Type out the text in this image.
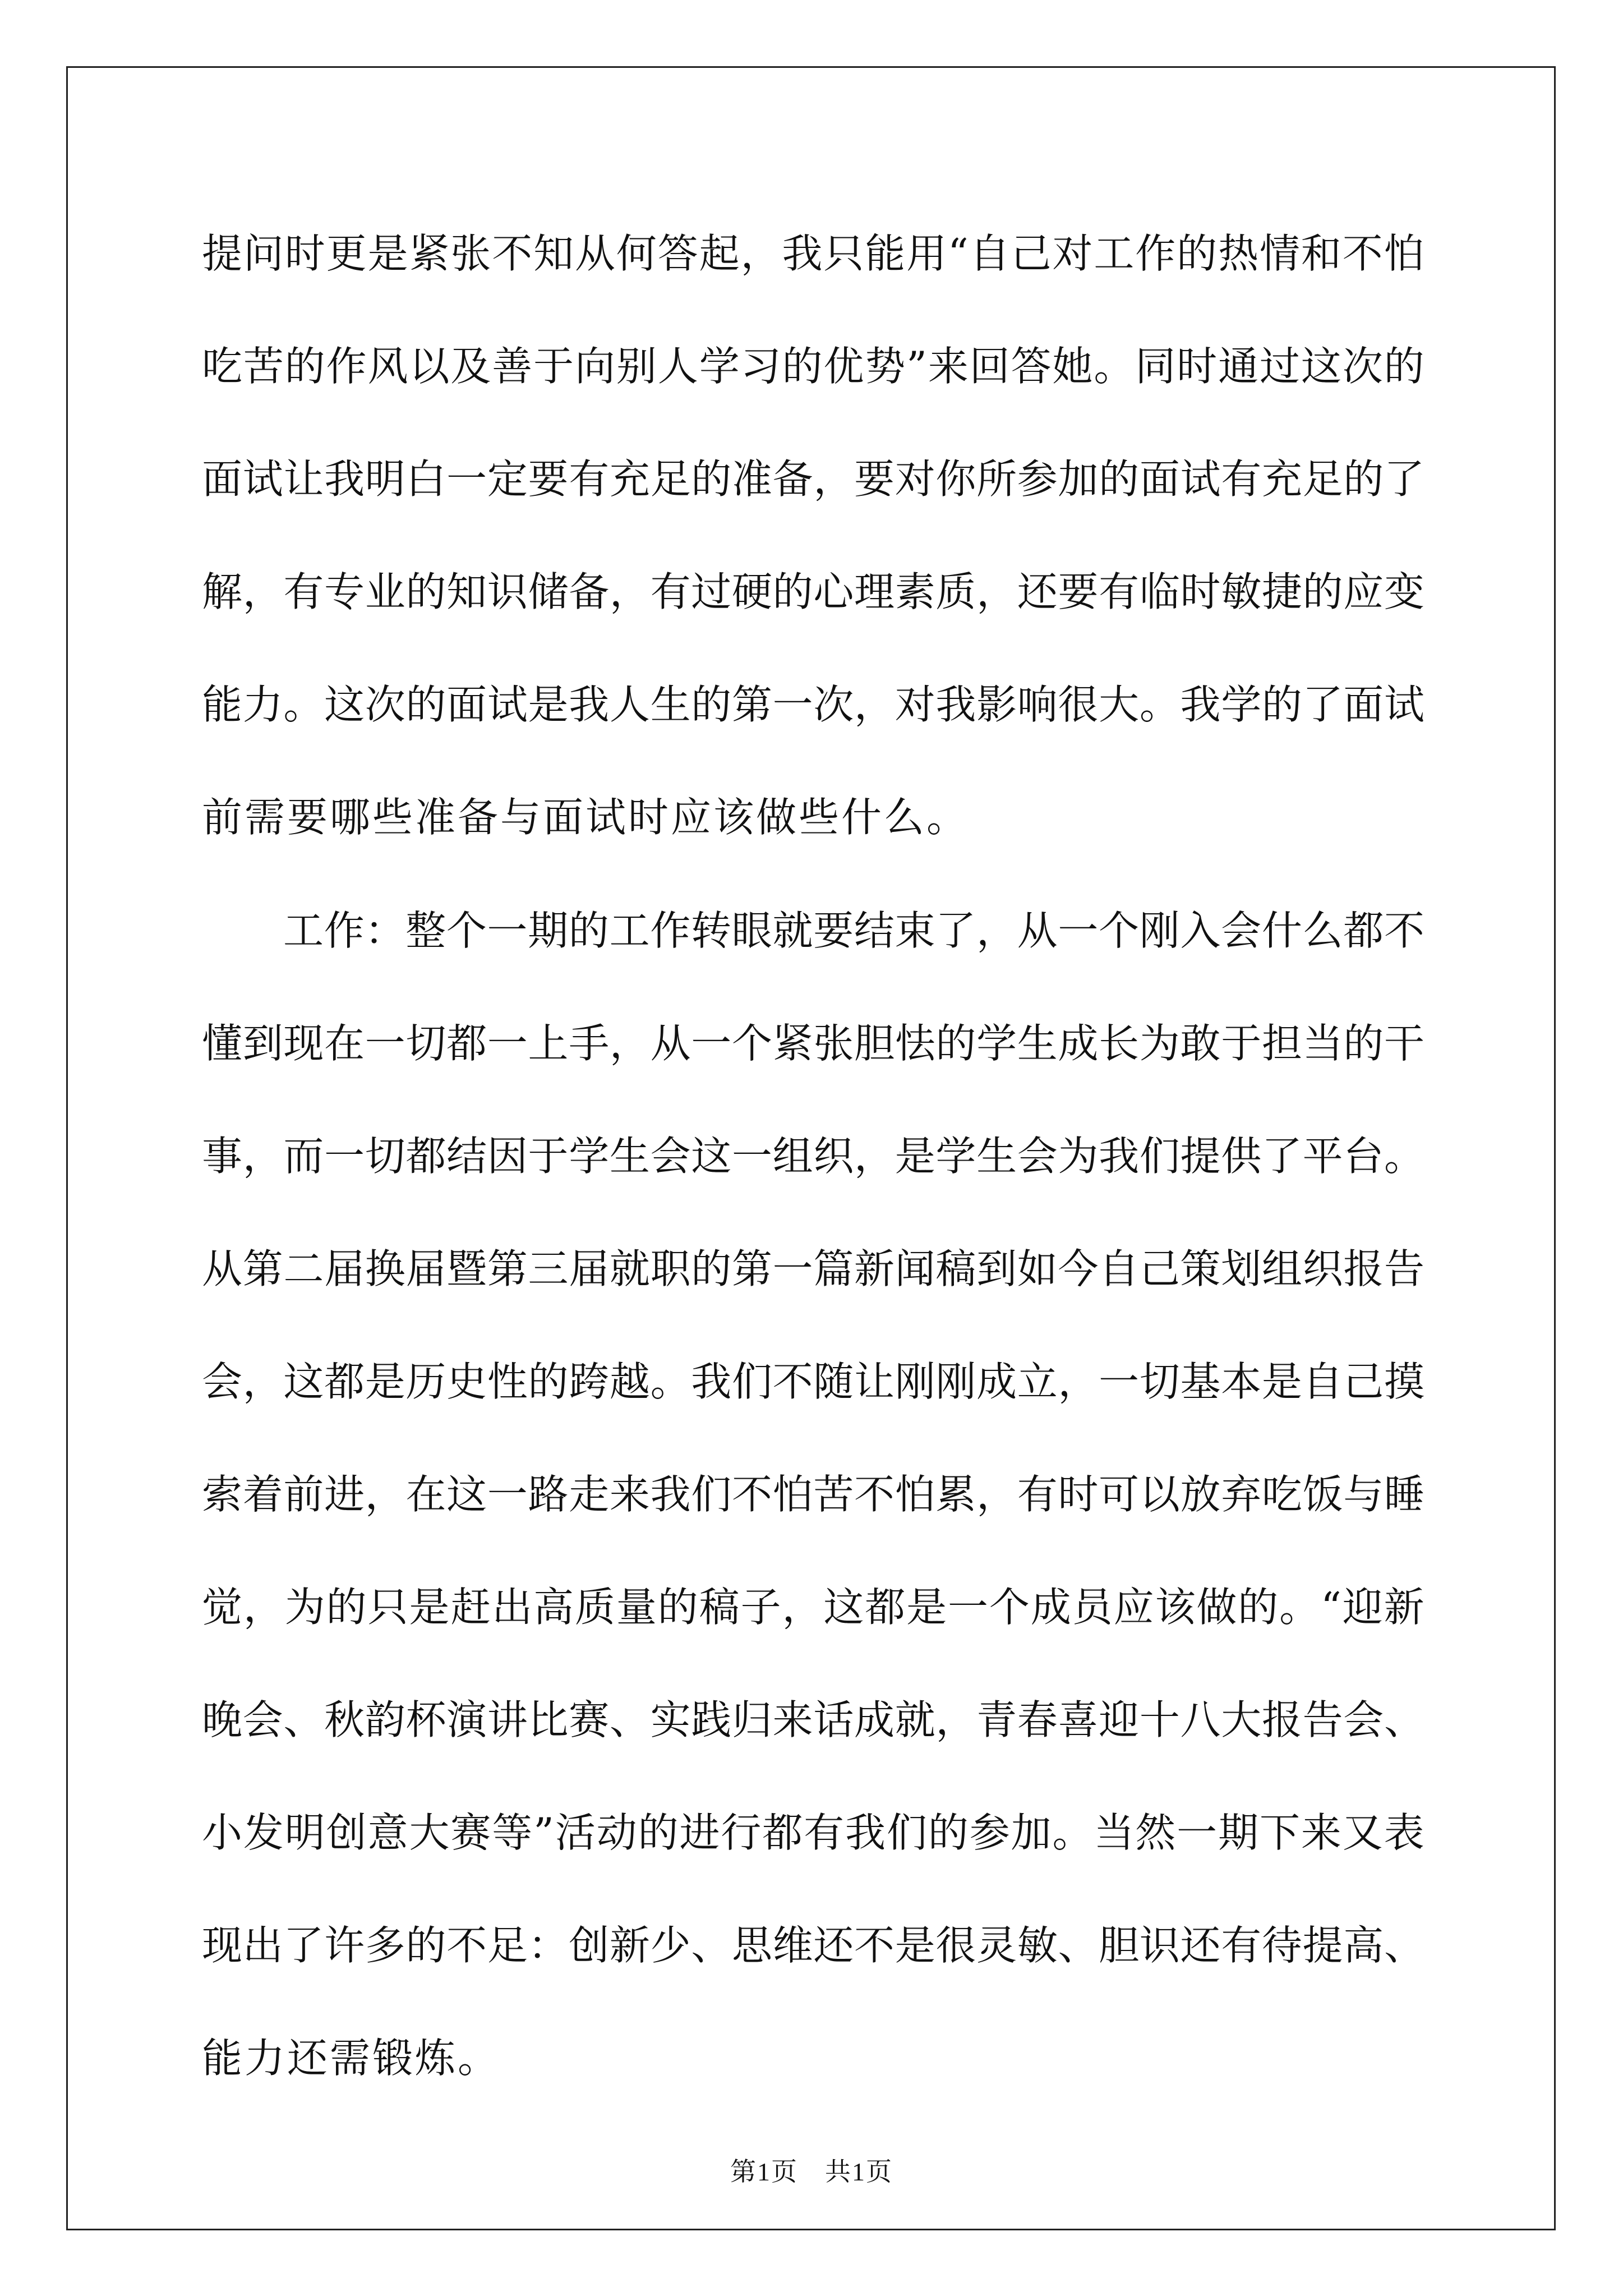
提 问 时 更 是 紧 张 不 知 从 何 答 起 ， 我 只 能 用 “ 自 己 对 工 作 的 热 情 和 不 怕
吃 苦 的 作 风 以 及 善 于 向 别 人 学 习 的 优 势 ” 来 回 答 她 。 同 时 通 过 这 次 的
面 试 让 我 明 白 一 定 要 有 充 足 的 准 备 ， 要 对 你 所 参 加 的 面 试 有 充 足 的 了
解 ， 有 专 业 的 知 识 储 备 ， 有 过 硬 的 心 理 素 质 ， 还 要 有 临 时 敏 捷 的 应 变
能 力 。 这 次 的 面 试 是 我 人 生 的 第 一 次 ， 对 我 影 响 很 大 。 我 学 的 了 面 试
前需要哪些准备与面试时应该做些什么。
工 作 ： 整 个 一 期 的 工 作 转 眼 就 要 结 束 了 ， 从 一 个 刚 入 会 什 么 都 不
懂 到 现 在 一 切 都 一 上 手 ， 从 一 个 紧 张 胆 怯 的 学 生 成 长 为 敢 于 担 当 的 干
事 ， 而 一 切 都 结 因 于 学 生 会 这 一 组 织 ， 是 学 生 会 为 我 们 提 供 了 平 台 。
从 第 二 届 换 届 暨 第 三 届 就 职 的 第 一 篇 新 闻 稿 到 如 今 自 己 策 划 组 织 报 告
会 ， 这 都 是 历 史 性 的 跨 越 。 我 们 不 随 让 刚 刚 成 立 ， 一 切 基 本 是 自 己 摸
索 着 前 进 ， 在 这 一 路 走 来 我 们 不 怕 苦 不 怕 累 ， 有 时 可 以 放 弃 吃 饭 与 睡
觉 ， 为 的 只 是 赶 出 高 质 量 的 稿 子 ， 这 都 是 一 个 成 员 应 该 做 的 。 “ 迎 新
晚 会 、 秋 韵 杯 演 讲 比 赛 、 实 践 归 来 话 成 就 ， 青 春 喜 迎 十 八 大 报 告 会 、
小 发 明 创 意 大 赛 等 ” 活 动 的 进 行 都 有 我 们 的 参 加 。 当 然 一 期 下 来 又 表
现 出 了 许 多 的 不 足 ： 创 新 少 、 思 维 还 不 是 很 灵 敏 、 胆 识 还 有 待 提 高 、
能力还需锻炼。
第1页　共1页
